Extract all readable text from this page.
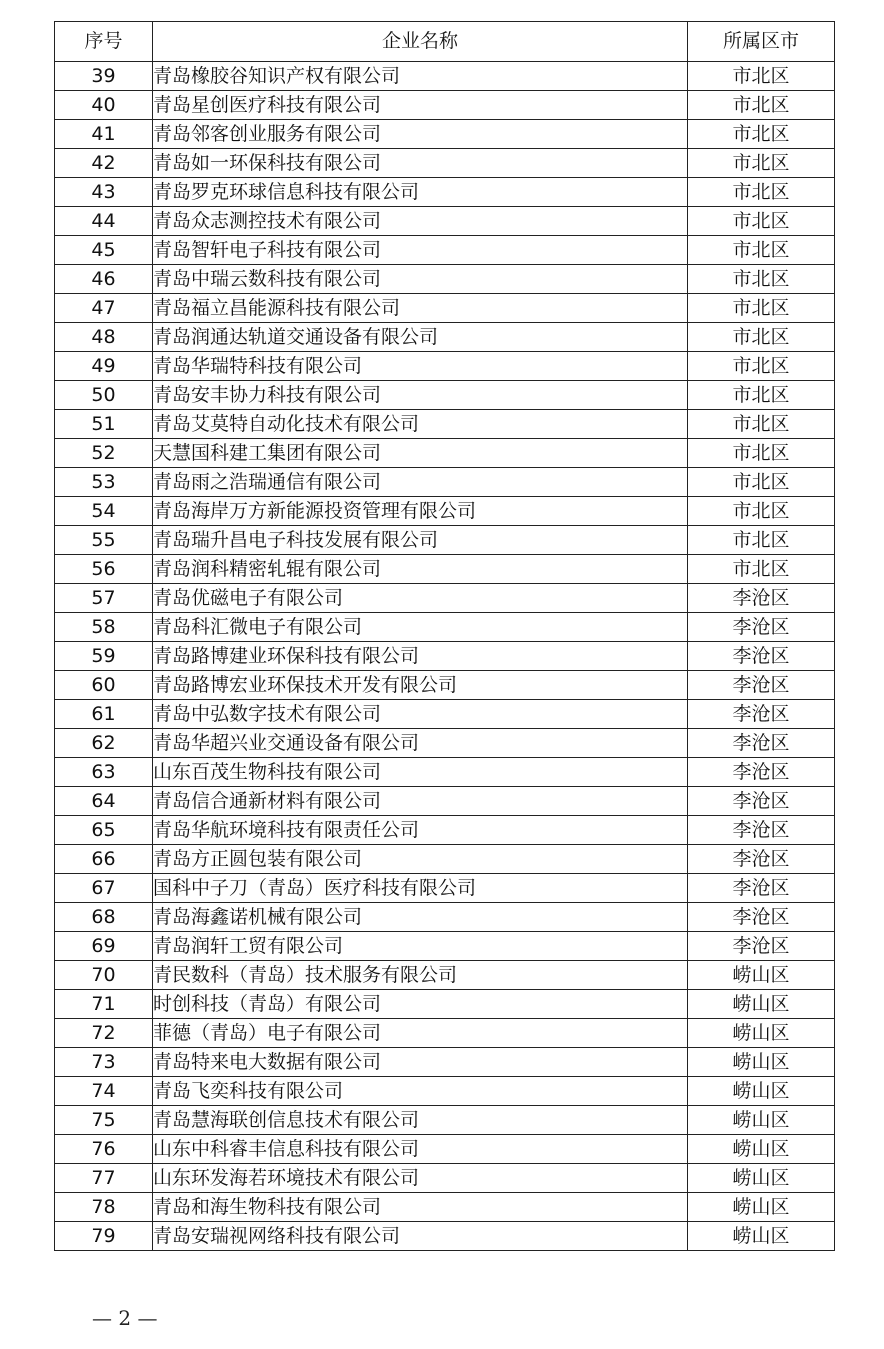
序号	企业名称	所属区市
39	青岛橡胶谷知识产权有限公司	市北区
40	青岛星创医疗科技有限公司	市北区
41	青岛邻客创业服务有限公司	市北区
42	青岛如一环保科技有限公司	市北区
43	青岛罗克环球信息科技有限公司	市北区
44	青岛众志测控技术有限公司	市北区
45	青岛智轩电子科技有限公司	市北区
46	青岛中瑞云数科技有限公司	市北区
47	青岛福立昌能源科技有限公司	市北区
48	青岛润通达轨道交通设备有限公司	市北区
49	青岛华瑞特科技有限公司	市北区
50	青岛安丰协力科技有限公司	市北区
51	青岛艾莫特自动化技术有限公司	市北区
52	天慧国科建工集团有限公司	市北区
53	青岛雨之浩瑞通信有限公司	市北区
54	青岛海岸万方新能源投资管理有限公司	市北区
55	青岛瑞升昌电子科技发展有限公司	市北区
56	青岛润科精密轧辊有限公司	市北区
57	青岛优磁电子有限公司	李沧区
58	青岛科汇微电子有限公司	李沧区
59	青岛路博建业环保科技有限公司	李沧区
60	青岛路博宏业环保技术开发有限公司	李沧区
61	青岛中弘数字技术有限公司	李沧区
62	青岛华超兴业交通设备有限公司	李沧区
63	山东百茂生物科技有限公司	李沧区
64	青岛信合通新材料有限公司	李沧区
65	青岛华航环境科技有限责任公司	李沧区
66	青岛方正圆包装有限公司	李沧区
67	国科中子刀（青岛）医疗科技有限公司	李沧区
68	青岛海鑫诺机械有限公司	李沧区
69	青岛润轩工贸有限公司	李沧区
70	青民数科（青岛）技术服务有限公司	崂山区
71	时创科技（青岛）有限公司	崂山区
72	菲德（青岛）电子有限公司	崂山区
73	青岛特来电大数据有限公司	崂山区
74	青岛飞奕科技有限公司	崂山区
75	青岛慧海联创信息技术有限公司	崂山区
76	山东中科睿丰信息科技有限公司	崂山区
77	山东环发海若环境技术有限公司	崂山区
78	青岛和海生物科技有限公司	崂山区
79	青岛安瑞视网络科技有限公司	崂山区
— 2 —
